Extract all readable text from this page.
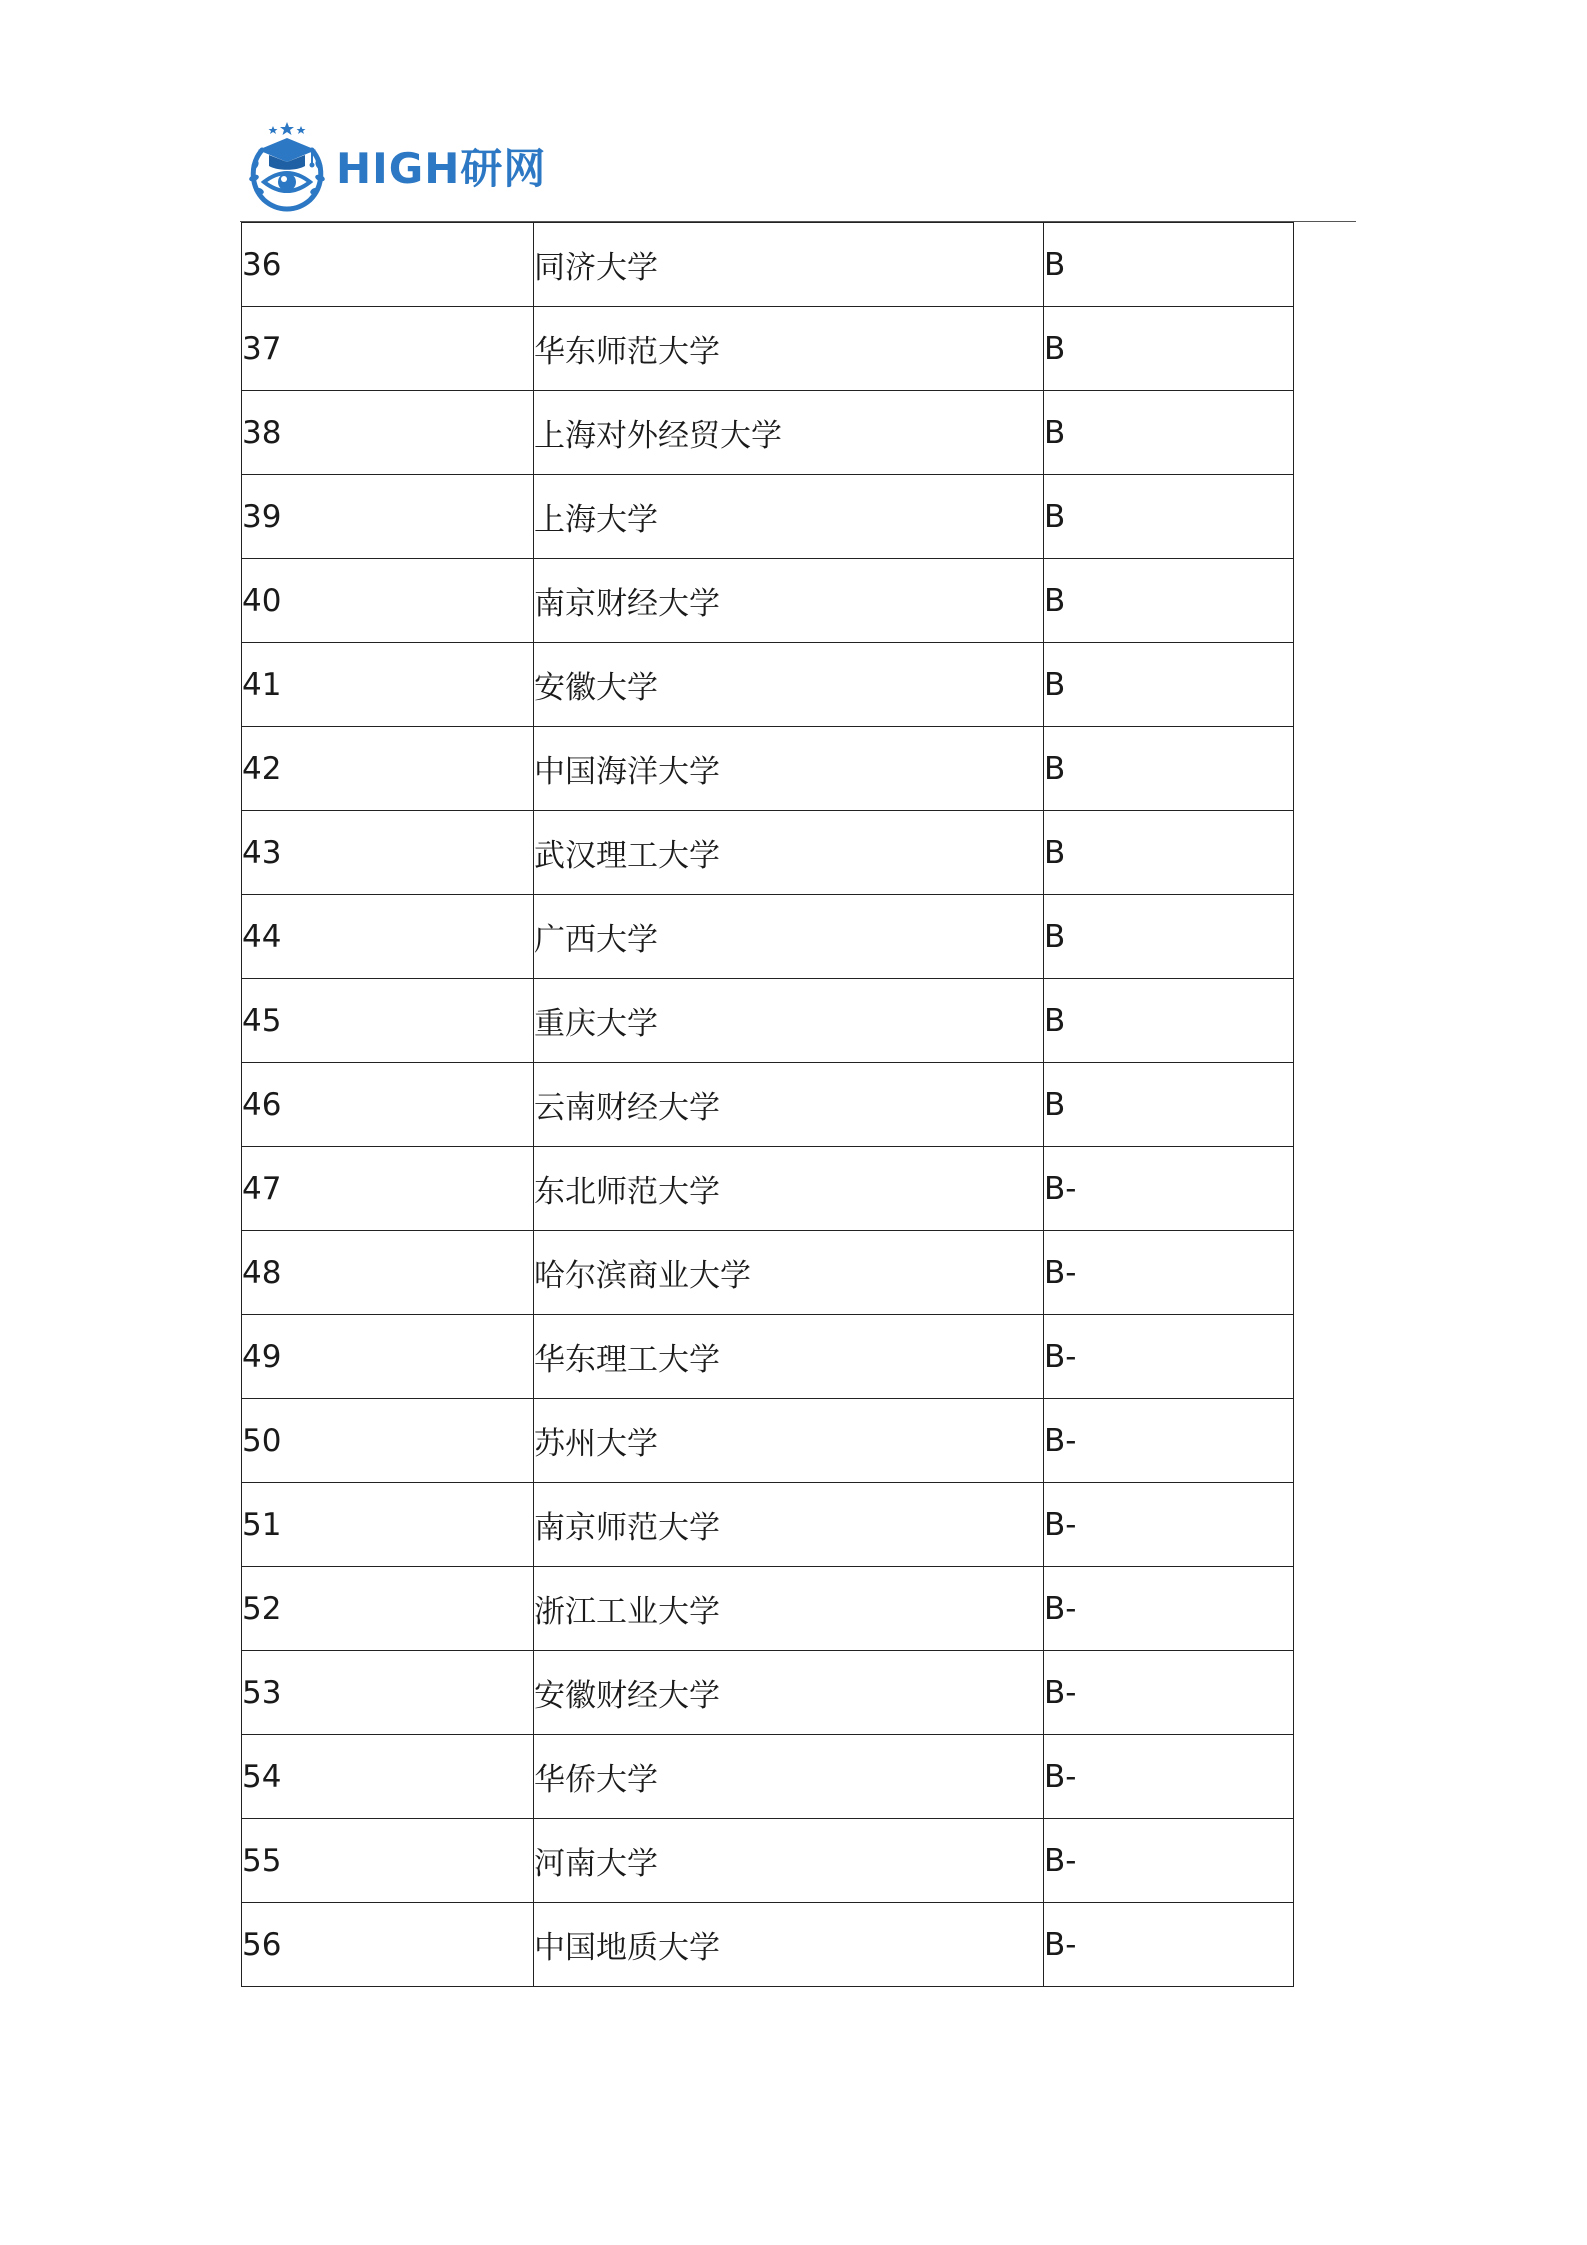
HIGH研网
36	同济大学	B
37	华东师范大学	B
38	上海对外经贸大学	B
39	上海大学	B
40	南京财经大学	B
41	安徽大学	B
42	中国海洋大学	B
43	武汉理工大学	B
44	广西大学	B
45	重庆大学	B
46	云南财经大学	B
47	东北师范大学	B-
48	哈尔滨商业大学	B-
49	华东理工大学	B-
50	苏州大学	B-
51	南京师范大学	B-
52	浙江工业大学	B-
53	安徽财经大学	B-
54	华侨大学	B-
55	河南大学	B-
56	中国地质大学	B-
